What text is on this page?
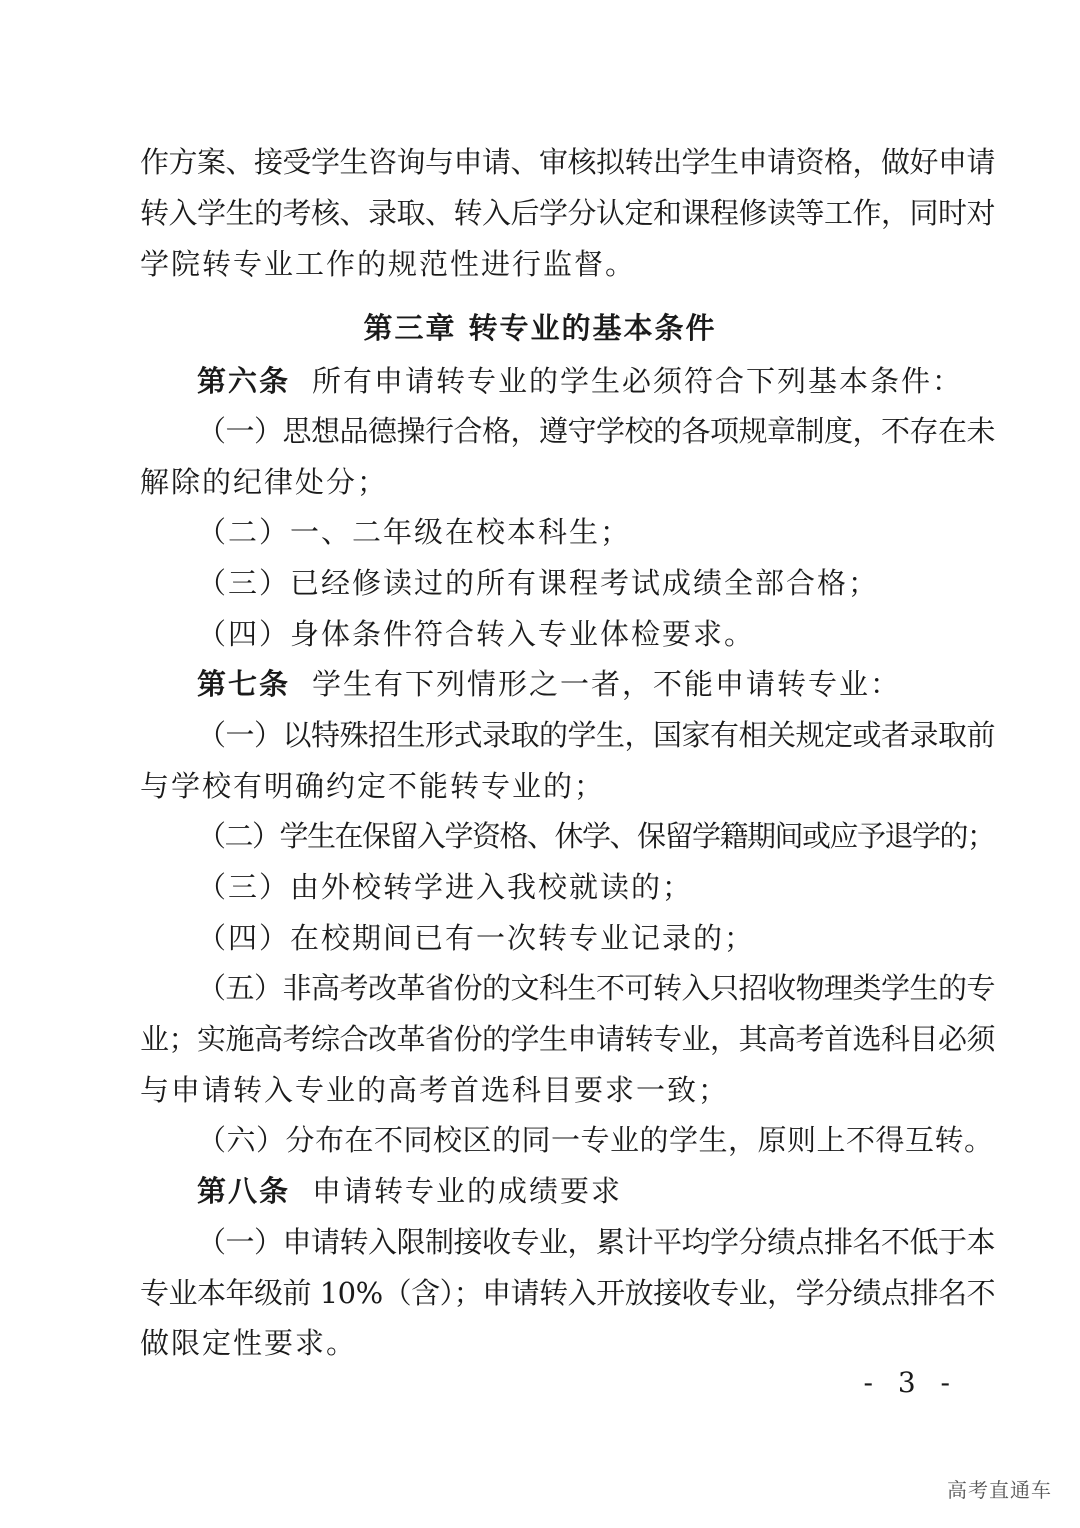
作方案、接受学生咨询与申请、审核拟转出学生申请资格，做好申请
转入学生的考核、录取、转入后学分认定和课程修读等工作，同时对
学院转专业工作的规范性进行监督。
第三章 转专业的基本条件
第六条 所有申请转专业的学生必须符合下列基本条件：
（一）思想品德操行合格，遵守学校的各项规章制度，不存在未
解除的纪律处分；
（二）一、二年级在校本科生；
（三）已经修读过的所有课程考试成绩全部合格；
（四）身体条件符合转入专业体检要求。
第七条 学生有下列情形之一者，不能申请转专业：
（一）以特殊招生形式录取的学生，国家有相关规定或者录取前
与学校有明确约定不能转专业的；
（二）学生在保留入学资格、休学、保留学籍期间或应予退学的；
（三）由外校转学进入我校就读的；
（四）在校期间已有一次转专业记录的；
（五）非高考改革省份的文科生不可转入只招收物理类学生的专
业；实施高考综合改革省份的学生申请转专业，其高考首选科目必须
与申请转入专业的高考首选科目要求一致；
（六）分布在不同校区的同一专业的学生，原则上不得互转。
第八条 申请转专业的成绩要求
（一）申请转入限制接收专业，累计平均学分绩点排名不低于本
专业本年级前 10%（含）；申请转入开放接收专业，学分绩点排名不
做限定性要求。
- 3 -
高考直通车
